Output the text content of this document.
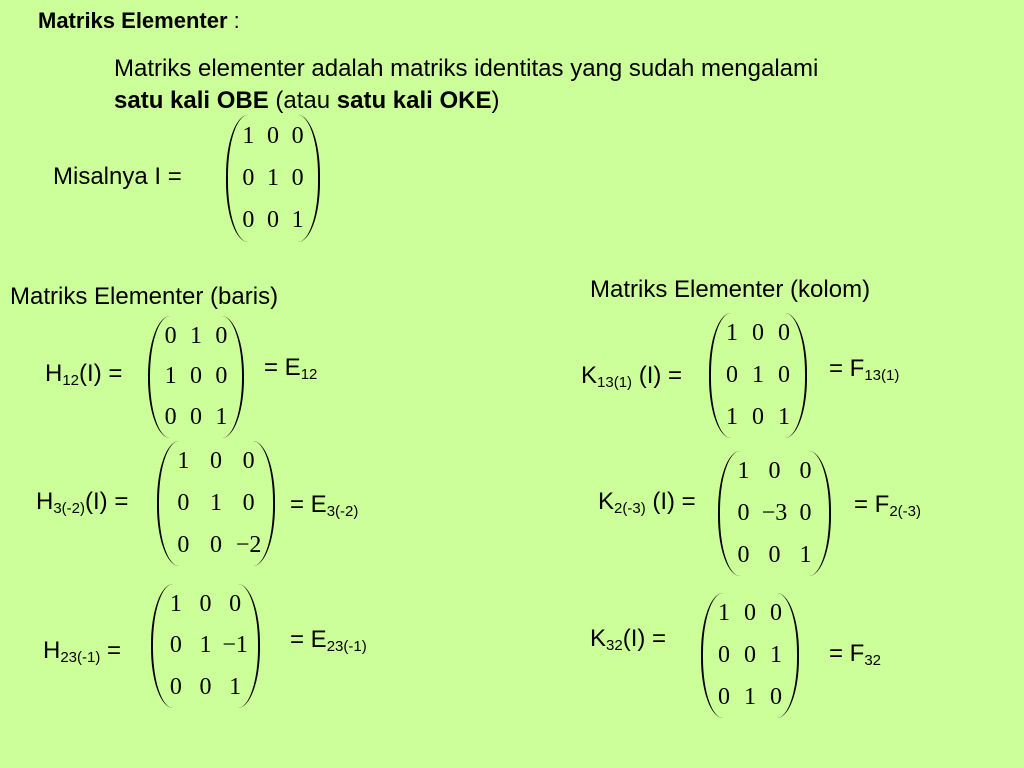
Matriks Elementer :
Matriks elementer adalah matriks identitas yang sudah mengalami
satu kali OBE (atau satu kali OKE)
Misalnya I =
1 0 0
0 1 0
0 0 1
Matriks Elementer (baris)	Matriks Elementer (kolom)
$H_{12}(I)$ =
0 1 0
1 0 0
0 0 1
= $E_{12}$
$H_{3(-2)}(I)$ =
1 0 0
0 1 0
0 0 −2
= $E_{3(-2)}$
$H_{23(-1)}$ =
1 0 0
0 1 −1
0 0 1
= $E_{23(-1)}$
$K_{13(1)}$ (I) =
1 0 0
0 1 0
1 0 1
= $F_{13(1)}$
$K_{2(-3)}$ (I) =
1 0 0
0 −3 0
0 0 1
= $F_{2(-3)}$
$K_{32}(I)$ =
1 0 0
0 0 1
0 1 0
= $F_{32}$
